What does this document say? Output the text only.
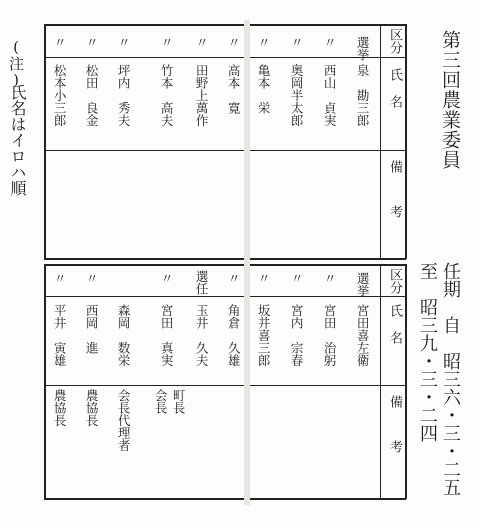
第三回農業委員
任期　自　昭三六・三・二五
至　昭三九・三・二四
(注)
氏名はイロハ順
区分
氏名
備考
区分
氏名
備考
選挙
泉　勘三郎
〃
西山　貞実
〃
奥岡半太郎
〃
亀本　栄
〃
高本　寛
〃
田野上萬作
〃
竹本　高夫
〃
坪内　秀夫
〃
松田　良金
〃
松本小三郎
選挙
宮田喜左衛
〃
宮田　治躬
〃
宮内　宗春
〃
坂井喜三郎
〃
角倉　久雄
選任
玉井　久夫
町長
〃
宮田　真実
会長
森岡　数栄
会長代理者
〃
西岡　進
農協長
〃
平井　寅雄
農協長
